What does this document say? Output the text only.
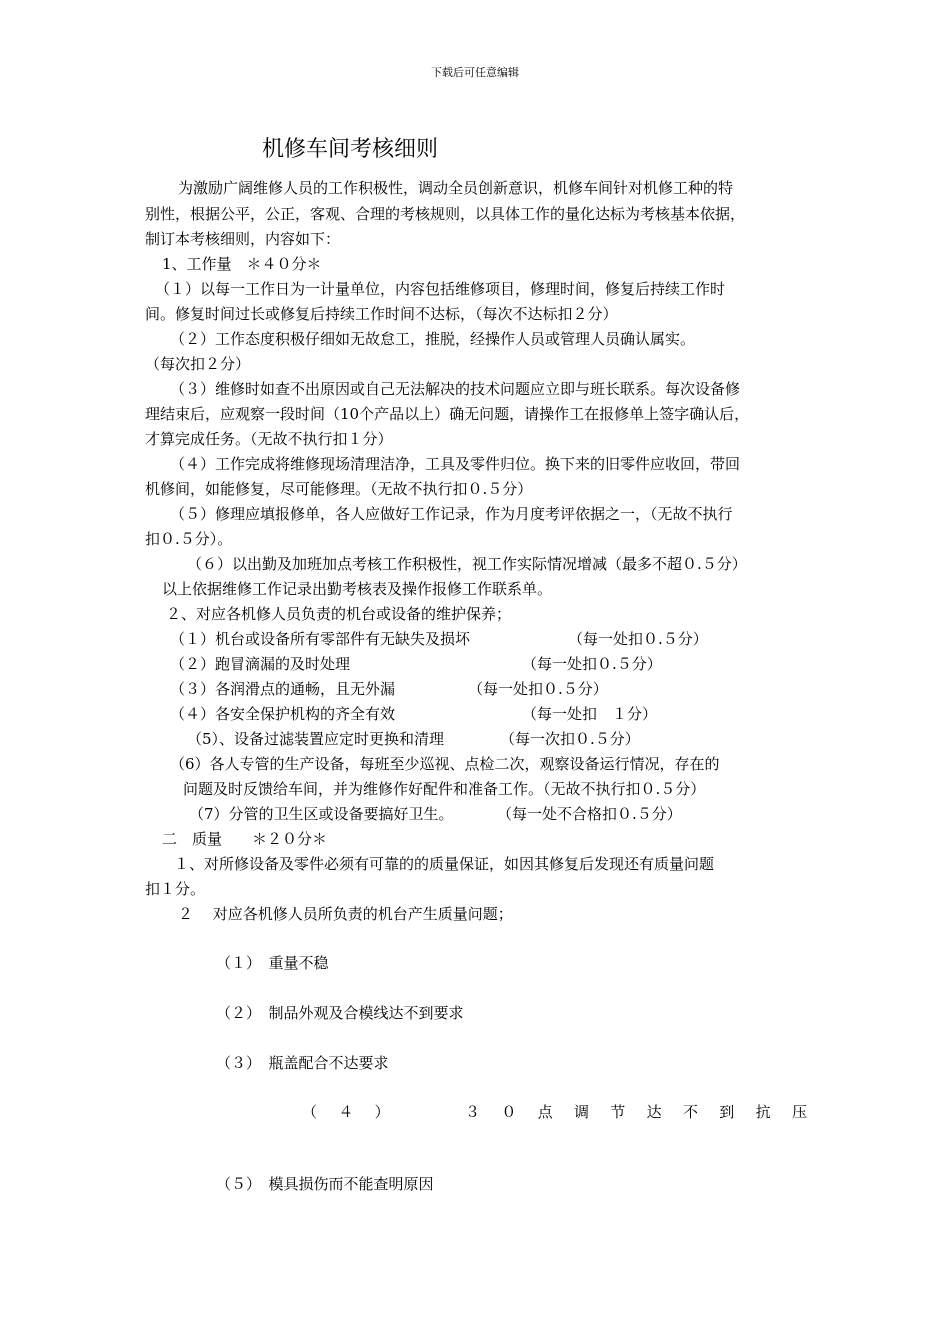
下载后可任意编辑
机修车间考核细则
为激励广阔维修人员的工作积极性，调动全员创新意识，机修车间针对机修工种的特
别性，根据公平，公正，客观、合理的考核规则，以具体工作的量化达标为考核基本依据，
制订本考核细则，内容如下：
1、工作量　＊４０分＊
（１）以每一工作日为一计量单位，内容包括维修项目，修理时间，修复后持续工作时
间。修复时间过长或修复后持续工作时间不达标，（每次不达标扣２分）
（２）工作态度积极仔细如无故怠工，推脱，经操作人员或管理人员确认属实。
（每次扣２分）
（３）维修时如查不出原因或自己无法解决的技术问题应立即与班长联系。每次设备修
理结束后，应观察一段时间（10个产品以上）确无问题，请操作工在报修单上签字确认后，
才算完成任务。（无故不执行扣１分）
（４）工作完成将维修现场清理洁净，工具及零件归位。换下来的旧零件应收回，带回
机修间，如能修复，尽可能修理。（无故不执行扣０.５分）
（５）修理应填报修单，各人应做好工作记录，作为月度考评依据之一，（无故不执行
扣０.５分）。
（６）以出勤及加班加点考核工作积极性，视工作实际情况增减（最多不超０.５分）
以上依据维修工作记录出勤考核表及操作报修工作联系单。
２、对应各机修人员负责的机台或设备的维护保养；
（１）机台或设备所有零部件有无缺失及损坏	（每一处扣０.５分）
（２）跑冒滴漏的及时处理	（每一处扣０.５分）
（３）各润滑点的通畅，且无外漏	（每一处扣０.５分）
（４）各安全保护机构的齐全有效	（每一处扣　１分）
（5）、设备过滤装置应定时更换和清理	（每一次扣０.５分）
（6）各人专管的生产设备，每班至少巡视、点检二次，观察设备运行情况，存在的
问题及时反馈给车间，并为维修作好配件和准备工作。（无故不执行扣０.５分）
（7）分管的卫生区或设备要搞好卫生。	（每一处不合格扣０.５分）
二　质量　　＊２０分＊
１、对所修设备及零件必须有可靠的的质量保证，如因其修复后发现还有质量问题
扣１分。
２　 对应各机修人员所负责的机台产生质量问题；
（１）　重量不稳
（２）　制品外观及合模线达不到要求
（３）　瓶盖配合不达要求
（ ４ ）	３ ０ 点 调 节 达 不 到 抗 压
（５）　模具损伤而不能查明原因
